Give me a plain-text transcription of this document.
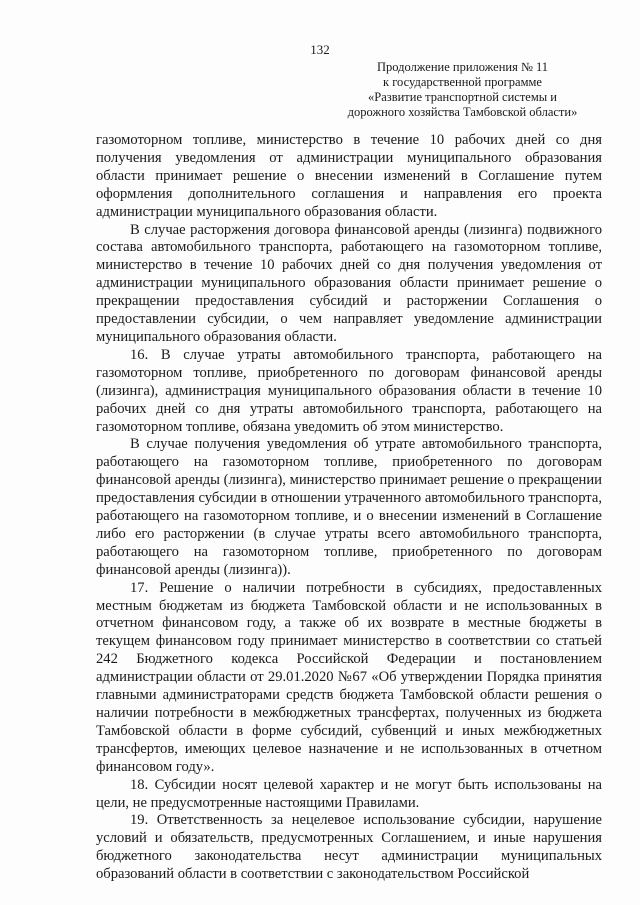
132
Продолжение приложения № 11
к государственной программе
«Развитие транспортной системы и
дорожного хозяйства Тамбовской области»

газомоторном топливе, министерство в течение 10 рабочих дней со дня получения уведомления от администрации муниципального образования области принимает решение о внесении изменений в Соглашение путем оформления дополнительного соглашения и направления его проекта администрации муниципального образования области.

В случае расторжения договора финансовой аренды (лизинга) подвижного состава автомобильного транспорта, работающего на газомоторном топливе, министерство в течение 10 рабочих дней со дня получения уведомления от администрации муниципального образования области принимает решение о прекращении предоставления субсидий и расторжении Соглашения о предоставлении субсидии, о чем направляет уведомление администрации муниципального образования области.

16. В случае утраты автомобильного транспорта, работающего на газомоторном топливе, приобретенного по договорам финансовой аренды (лизинга), администрация муниципального образования области в течение 10 рабочих дней со дня утраты автомобильного транспорта, работающего на газомоторном топливе, обязана уведомить об этом министерство.

В случае получения уведомления об утрате автомобильного транспорта, работающего на газомоторном топливе, приобретенного по договорам финансовой аренды (лизинга), министерство принимает решение о прекращении предоставления субсидии в отношении утраченного автомобильного транспорта, работающего на газомоторном топливе, и о внесении изменений в Соглашение либо его расторжении (в случае утраты всего автомобильного транспорта, работающего на газомоторном топливе, приобретенного по договорам финансовой аренды (лизинга)).

17. Решение о наличии потребности в субсидиях, предоставленных местным бюджетам из бюджета Тамбовской области и не использованных в отчетном финансовом году, а также об их возврате в местные бюджеты в текущем финансовом году принимает министерство в соответствии со статьей 242 Бюджетного кодекса Российской Федерации и постановлением администрации области от 29.01.2020 №67 «Об утверждении Порядка принятия главными администраторами средств бюджета Тамбовской области решения о наличии потребности в межбюджетных трансфертах, полученных из бюджета Тамбовской области в форме субсидий, субвенций и иных межбюджетных трансфертов, имеющих целевое назначение и не использованных в отчетном финансовом году».

18. Субсидии носят целевой характер и не могут быть использованы на цели, не предусмотренные настоящими Правилами.

19. Ответственность за нецелевое использование субсидии, нарушение условий и обязательств, предусмотренных Соглашением, и иные нарушения бюджетного законодательства несут администрации муниципальных образований области в соответствии с законодательством Российской
